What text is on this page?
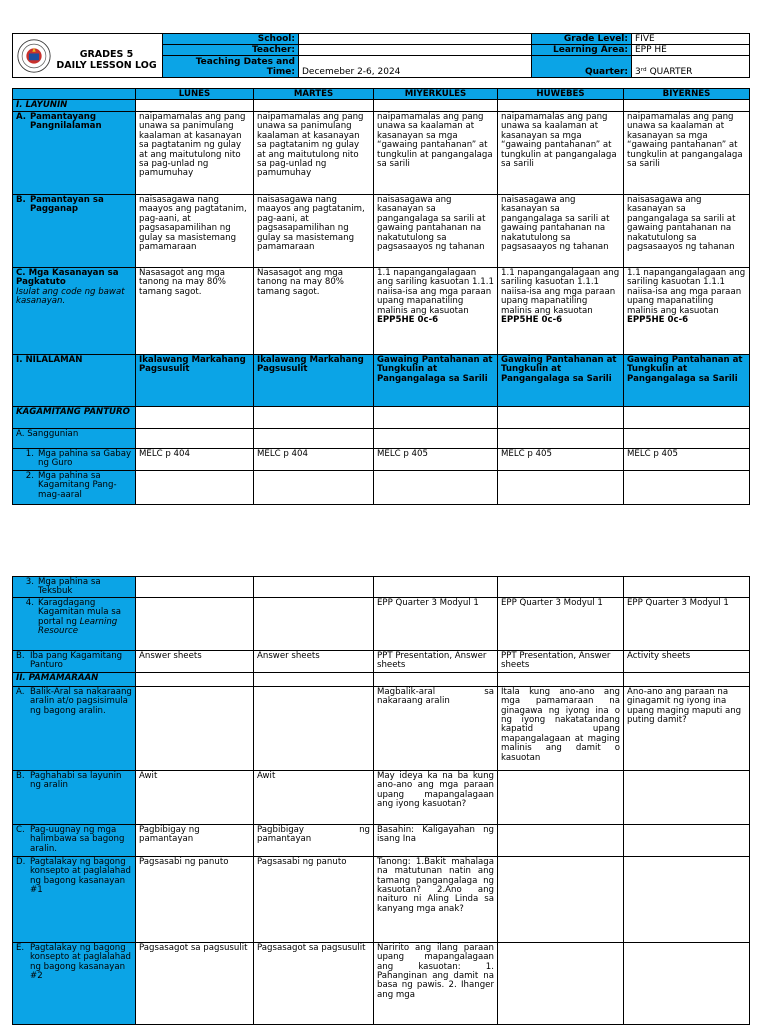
GRADES 5
DAILY LESSON LOG	School:		Grade Level:	FIVE
	Teacher:		Learning Area:	EPP HE
	Teaching Dates and Time:	Decemeber 2-6, 2024	Quarter:	3ʳᵈ QUARTER
	LUNES	MARTES	MIYERKULES	HUWEBES	BIYERNES
I. LAYUNIN					

A. Pamantayang Pangnilalaman	naipamamalas ang pang unawa sa panimulang kaalaman at kasanayan sa pagtatanim ng gulay at ang maitutulong nito sa pag-unlad ng pamumuhay	naipamamalas ang pang unawa sa panimulang kaalaman at kasanayan sa pagtatanim ng gulay at ang maitutulong nito sa pag-unlad ng pamumuhay	naipamamalas ang pang unawa sa kaalaman at kasanayan sa mga “gawaing pantahanan” at tungkulin at pangangalaga sa sarili	naipamamalas ang pang unawa sa kaalaman at kasanayan sa mga “gawaing pantahanan” at tungkulin at pangangalaga sa sarili	naipamamalas ang pang unawa sa kaalaman at kasanayan sa mga “gawaing pantahanan” at tungkulin at pangangalaga sa sarili

B. Pamantayan sa Pagganap	naisasagawa nang maayos ang pagtatanim, pag-aani, at pagsasapamilihan ng gulay sa masistemang pamamaraan	naisasagawa nang maayos ang pagtatanim, pag-aani, at pagsasapamilihan ng gulay sa masistemang pamamaraan	naisasagawa ang kasanayan sa pangangalaga sa sarili at gawaing pantahanan na nakatutulong sa pagsasaayos ng tahanan	naisasagawa ang kasanayan sa pangangalaga sa sarili at gawaing pantahanan na nakatutulong sa pagsasaayos ng tahanan	naisasagawa ang kasanayan sa pangangalaga sa sarili at gawaing pantahanan na nakatutulong sa pagsasaayos ng tahanan

C. Mga Kasanayan sa Pagkatuto
Isulat ang code ng bawat kasanayan.	Nasasagot ang mga tanong na may 80% tamang sagot.	Nasasagot ang mga tanong na may 80% tamang sagot.	1.1 napangangalagaan ang sariling kasuotan 1.1.1 naiisa-isa ang mga paraan upang mapanatiling malinis ang kasuotan EPP5HE 0c-6	1.1 napangangalagaan ang sariling kasuotan 1.1.1 naiisa-isa ang mga paraan upang mapanatiling malinis ang kasuotan EPP5HE 0c-6	1.1 napangangalagaan ang sariling kasuotan 1.1.1 naiisa-isa ang mga paraan upang mapanatiling malinis ang kasuotan EPP5HE 0c-6
I. NILALAMAN	Ikalawang Markahang Pagsusulit	Ikalawang Markahang Pagsusulit	Gawaing Pantahanan at Tungkulin at Pangangalaga sa Sarili	Gawaing Pantahanan at Tungkulin at Pangangalaga sa Sarili	Gawaing Pantahanan at Tungkulin at Pangangalaga sa Sarili
KAGAMITANG PANTURO					
A. Sanggunian					

1. Mga pahina sa Gabay ng Guro	MELC p 404	MELC p 404	MELC p 405	MELC p 405	MELC p 405

2. Mga pahina sa Kagamitang Pang-mag-aaral					

3. Mga pahina sa Teksbuk					

4. Karagdagang Kagamitan mula sa portal ng Learning Resource			EPP Quarter 3 Modyul 1	EPP Quarter 3 Modyul 1	EPP Quarter 3 Modyul 1

B. Iba pang Kagamitang Panturo	Answer sheets	Answer sheets	PPT Presentation, Answer sheets	PPT Presentation, Answer sheets	Activity sheets
II. PAMAMARAAN					

A. Balik-Aral sa nakaraang aralin at/o pagsisimula ng bagong aralin.			Magbalik-aral sa nakaraang aralin	Itala kung ano-ano ang mga pamamaraan na ginagawa ng iyong ina o ng iyong nakatatandang kapatid upang mapangalagaan at maging malinis ang damit o kasuotan	Ano-ano ang paraan na ginagamit ng iyong ina upang maging maputi ang puting damit?

B. Paghahabi sa layunin ng aralin	Awit	Awit	May ideya ka na ba kung ano-ano ang mga paraan upang mapangalagaan ang iyong kasuotan?		

C. Pag-uugnay ng mga halimbawa sa bagong aralin.	Pagbibigay ng pamantayan	Pagbibigay ng pamantayan	Basahin: Kaligayahan ng isang Ina		

D. Pagtalakay ng bagong konsepto at paglalahad ng bagong kasanayan #1	Pagsasabi ng panuto	Pagsasabi ng panuto	Tanong: 1.Bakit mahalaga na matutunan natin ang tamang pangangalaga ng kasuotan? 2.Ano ang naituro ni Aling Linda sa kanyang mga anak?		

E. Pagtalakay ng bagong konsepto at paglalahad ng bagong kasanayan #2	Pagsasagot sa pagsusulit	Pagsasagot sa pagsusulit	Naririto ang ilang paraan upang mapangalagaan ang kasuotan: 1. Pahanginan ang damit na basa ng pawis. 2. Ihanger ang mga		
